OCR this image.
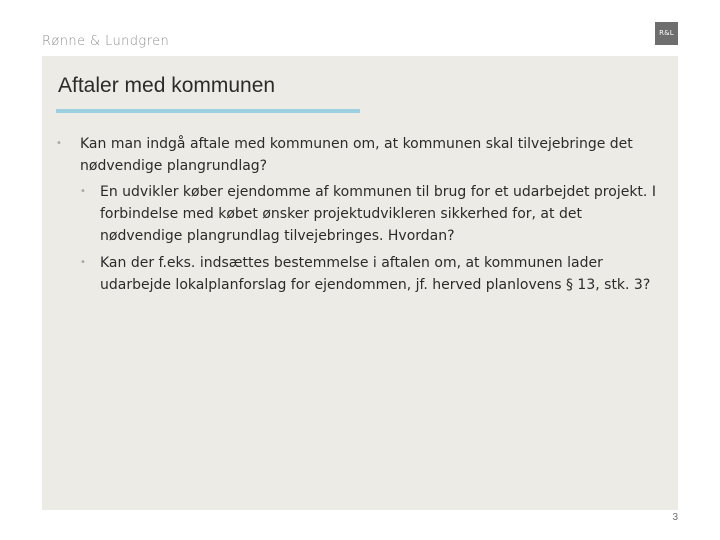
Rønne & Lundgren
R&L
Aftaler med kommunen
• Kan man indgå aftale med kommunen om, at kommunen skal tilvejebringe det nødvendige plangrundlag?
• En udvikler køber ejendomme af kommunen til brug for et udarbejdet projekt. I forbindelse med købet ønsker projektudvikleren sikkerhed for, at det nødvendige plangrundlag tilvejebringes. Hvordan?
• Kan der f.eks. indsættes bestemmelse i aftalen om, at kommunen lader udarbejde lokalplanforslag for ejendommen, jf. herved planlovens § 13, stk. 3?
3
